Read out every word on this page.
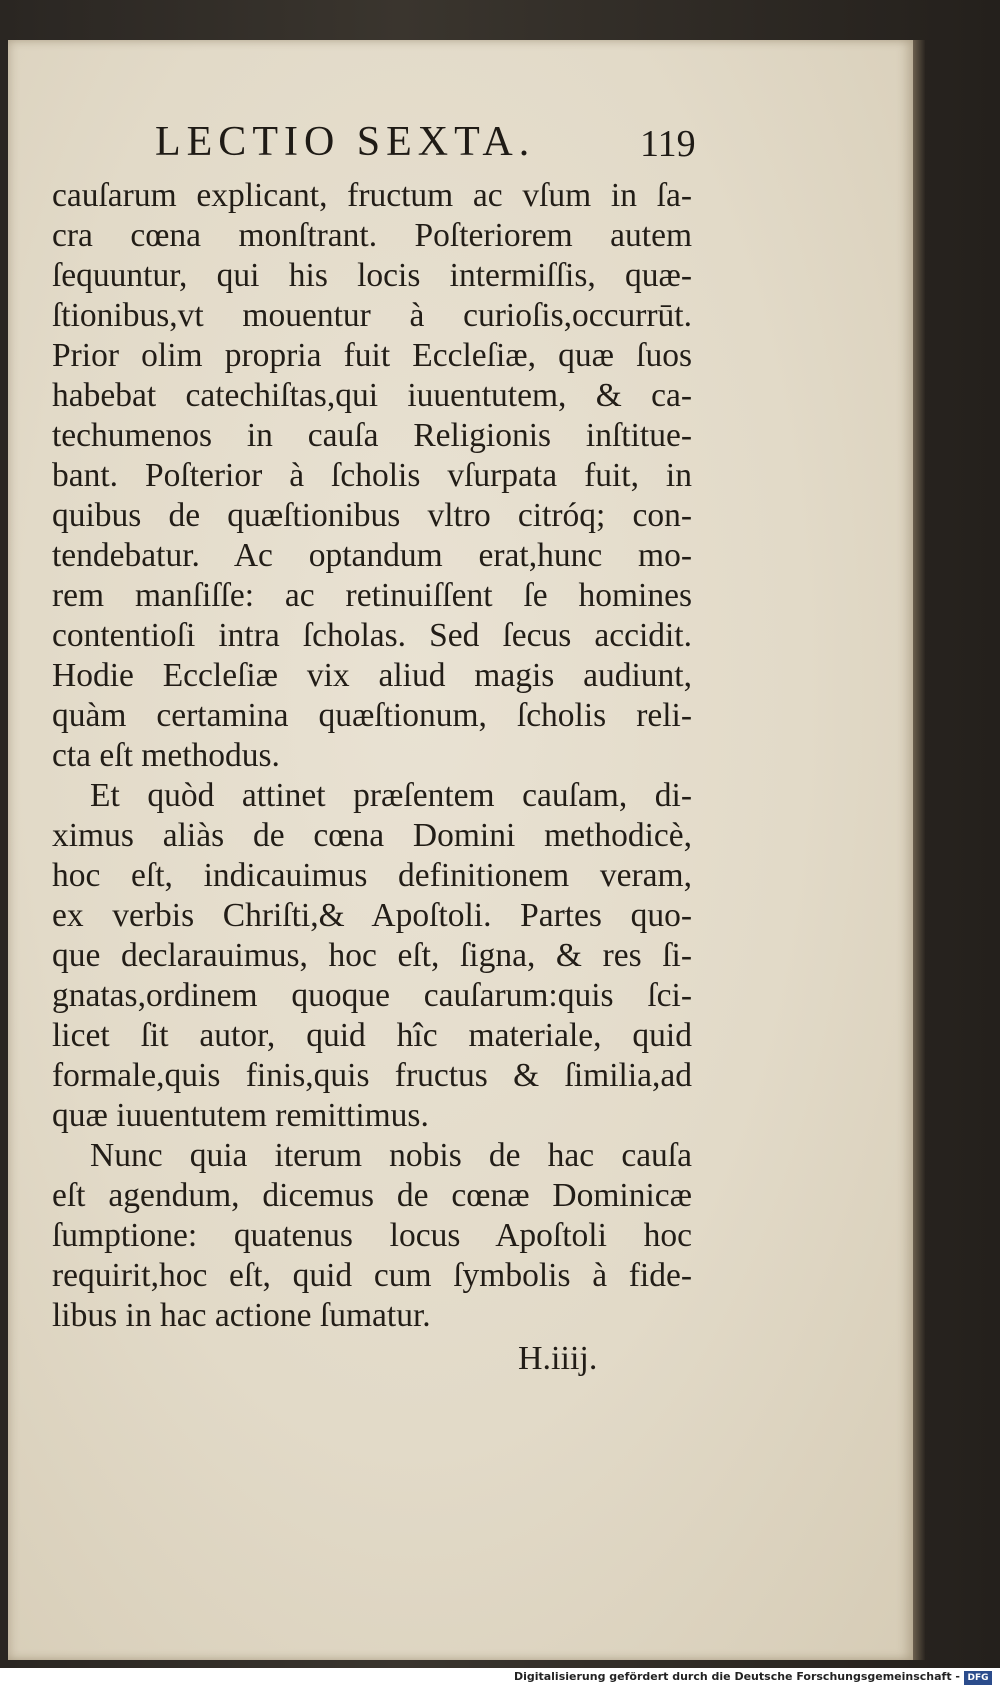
LECTIO SEXTA.	119
cauſarum explicant, fructum ac vſum in ſa-
cra cœna monſtrant. Poſteriorem autem
ſequuntur, qui his locis intermiſſis, quæ-
ſtionibus,vt mouentur à curioſis,occurrūt.
Prior olim propria fuit Eccleſiæ, quæ ſuos
habebat catechiſtas,qui iuuentutem, & ca-
techumenos in cauſa Religionis inſtitue-
bant. Poſterior à ſcholis vſurpata fuit, in
quibus de quæſtionibus vltro citróq; con-
tendebatur. Ac optandum erat,hunc mo-
rem manſiſſe: ac retinuiſſent ſe homines
contentioſi intra ſcholas. Sed ſecus accidit.
Hodie Eccleſiæ vix aliud magis audiunt,
quàm certamina quæſtionum, ſcholis reli-
cta eſt methodus.
Et quòd attinet præſentem cauſam, di-
ximus aliàs de cœna Domini methodicè,
hoc eſt, indicauimus definitionem veram,
ex verbis Chriſti,& Apoſtoli. Partes quo-
que declarauimus, hoc eſt, ſigna, & res ſi-
gnatas,ordinem quoque cauſarum:quis ſci-
licet ſit autor, quid hîc materiale, quid
formale,quis finis,quis fructus & ſimilia,ad
quæ iuuentutem remittimus.
Nunc quia iterum nobis de hac cauſa
eſt agendum, dicemus de cœnæ Dominicæ
ſumptione: quatenus locus Apoſtoli hoc
requirit,hoc eſt, quid cum ſymbolis à fide-
libus in hac actione ſumatur.
H.iiij.
Digitalisierung gefördert durch die Deutsche Forschungsgemeinschaft - DFG
